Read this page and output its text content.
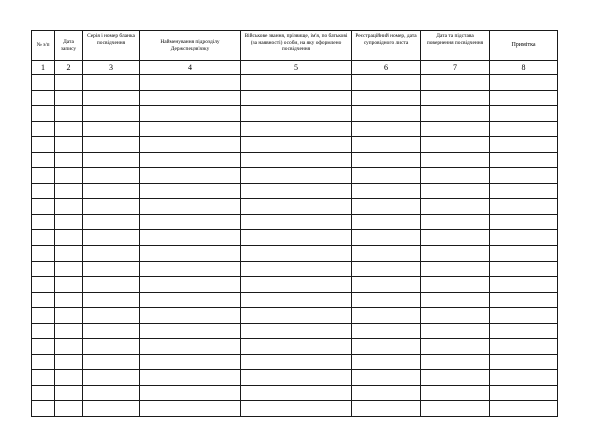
№ з/п	Дата запису	Серія і номер бланка посвідчення	Найменування підрозділу Держспецзв'язку	Військове звання, прізвище, ім'я, по батькові (за наявності) особи, на яку оформлено посвідчення	Реєстраційний номер, дата супровідного листа	Дата та підстава повернення посвідчення	Примітка
1	2	3	4	5	6	7	8
